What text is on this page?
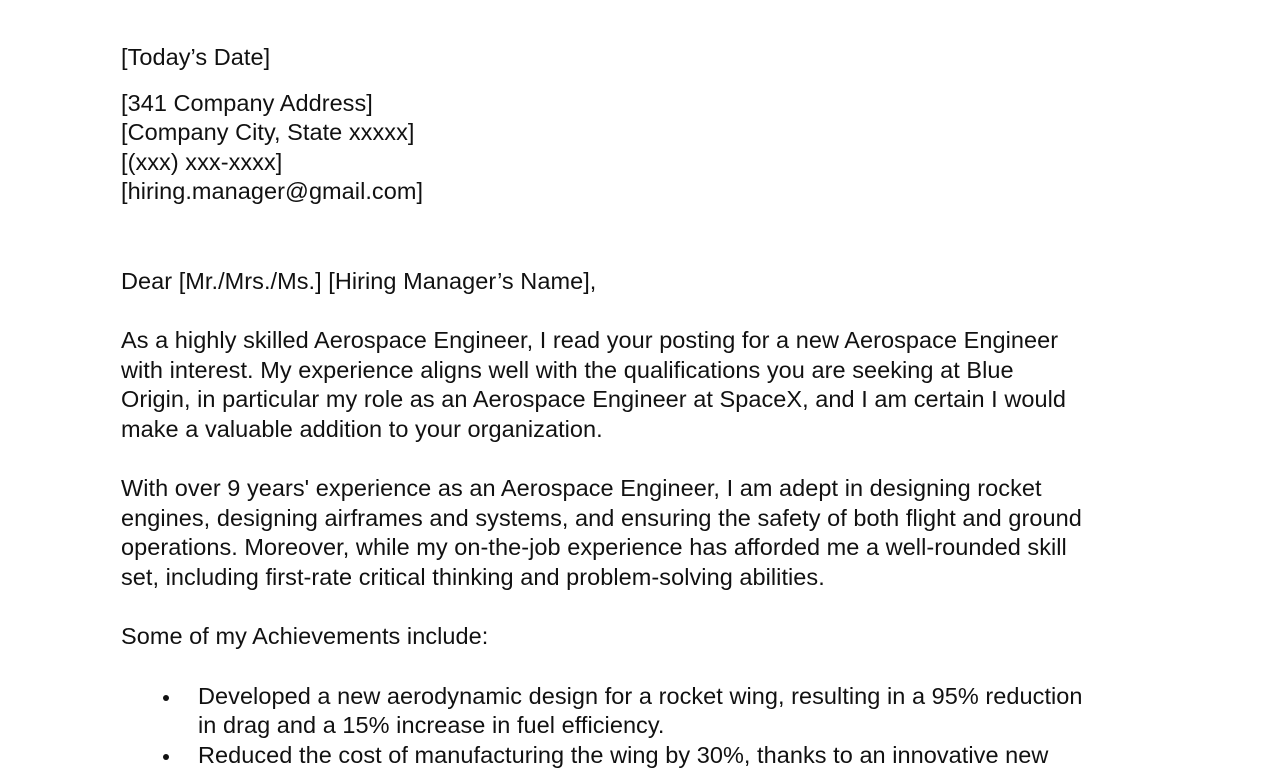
[Today’s Date]
[341 Company Address]
[Company City, State xxxxx]
[(xxx) xxx-xxxx]
[hiring.manager@gmail.com]
Dear [Mr./Mrs./Ms.] [Hiring Manager’s Name],
As a highly skilled Aerospace Engineer, I read your posting for a new Aerospace Engineer
with interest. My experience aligns well with the qualifications you are seeking at Blue
Origin, in particular my role as an Aerospace Engineer at SpaceX, and I am certain I would
make a valuable addition to your organization.
With over 9 years' experience as an Aerospace Engineer, I am adept in designing rocket
engines, designing airframes and systems, and ensuring the safety of both flight and ground
operations. Moreover, while my on-the-job experience has afforded me a well-rounded skill
set, including first-rate critical thinking and problem-solving abilities.
Some of my Achievements include:
Developed a new aerodynamic design for a rocket wing, resulting in a 95% reduction
in drag and a 15% increase in fuel efficiency.
Reduced the cost of manufacturing the wing by 30%, thanks to an innovative new
